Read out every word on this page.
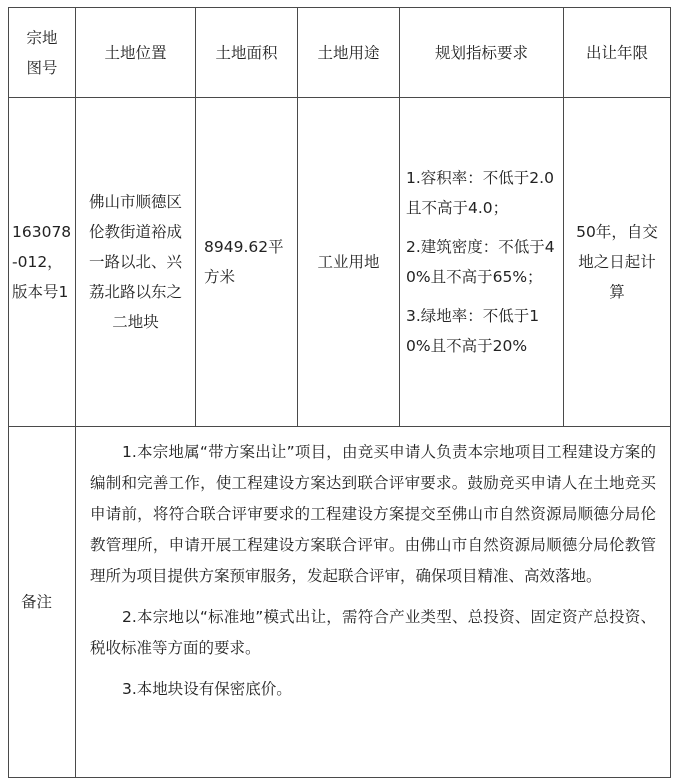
宗地图号	土地位置	土地面积	土地用途	规划指标要求	出让年限
163078-012，版本号1	佛山市顺德区伦教街道裕成一路以北、兴荔北路以东之二地块	8949.62平方米	工业用地	1.容积率：不低于2.0且不高于4.0；

2.建筑密度：不低于40%且不高于65%；

3.绿地率：不低于10%且不高于20%	50年，自交地之日起计算
备注	1.本宗地属“带方案出让”项目，由竞买申请人负责本宗地项目工程建设方案的编制和完善工作，使工程建设方案达到联合评审要求。鼓励竞买申请人在土地竞买申请前，将符合联合评审要求的工程建设方案提交至佛山市自然资源局顺德分局伦教管理所，申请开展工程建设方案联合评审。由佛山市自然资源局顺德分局伦教管理所为项目提供方案预审服务，发起联合评审，确保项目精准、高效落地。

2.本宗地以“标准地”模式出让，需符合产业类型、总投资、固定资产总投资、税收标准等方面的要求。

3.本地块设有保密底价。				
